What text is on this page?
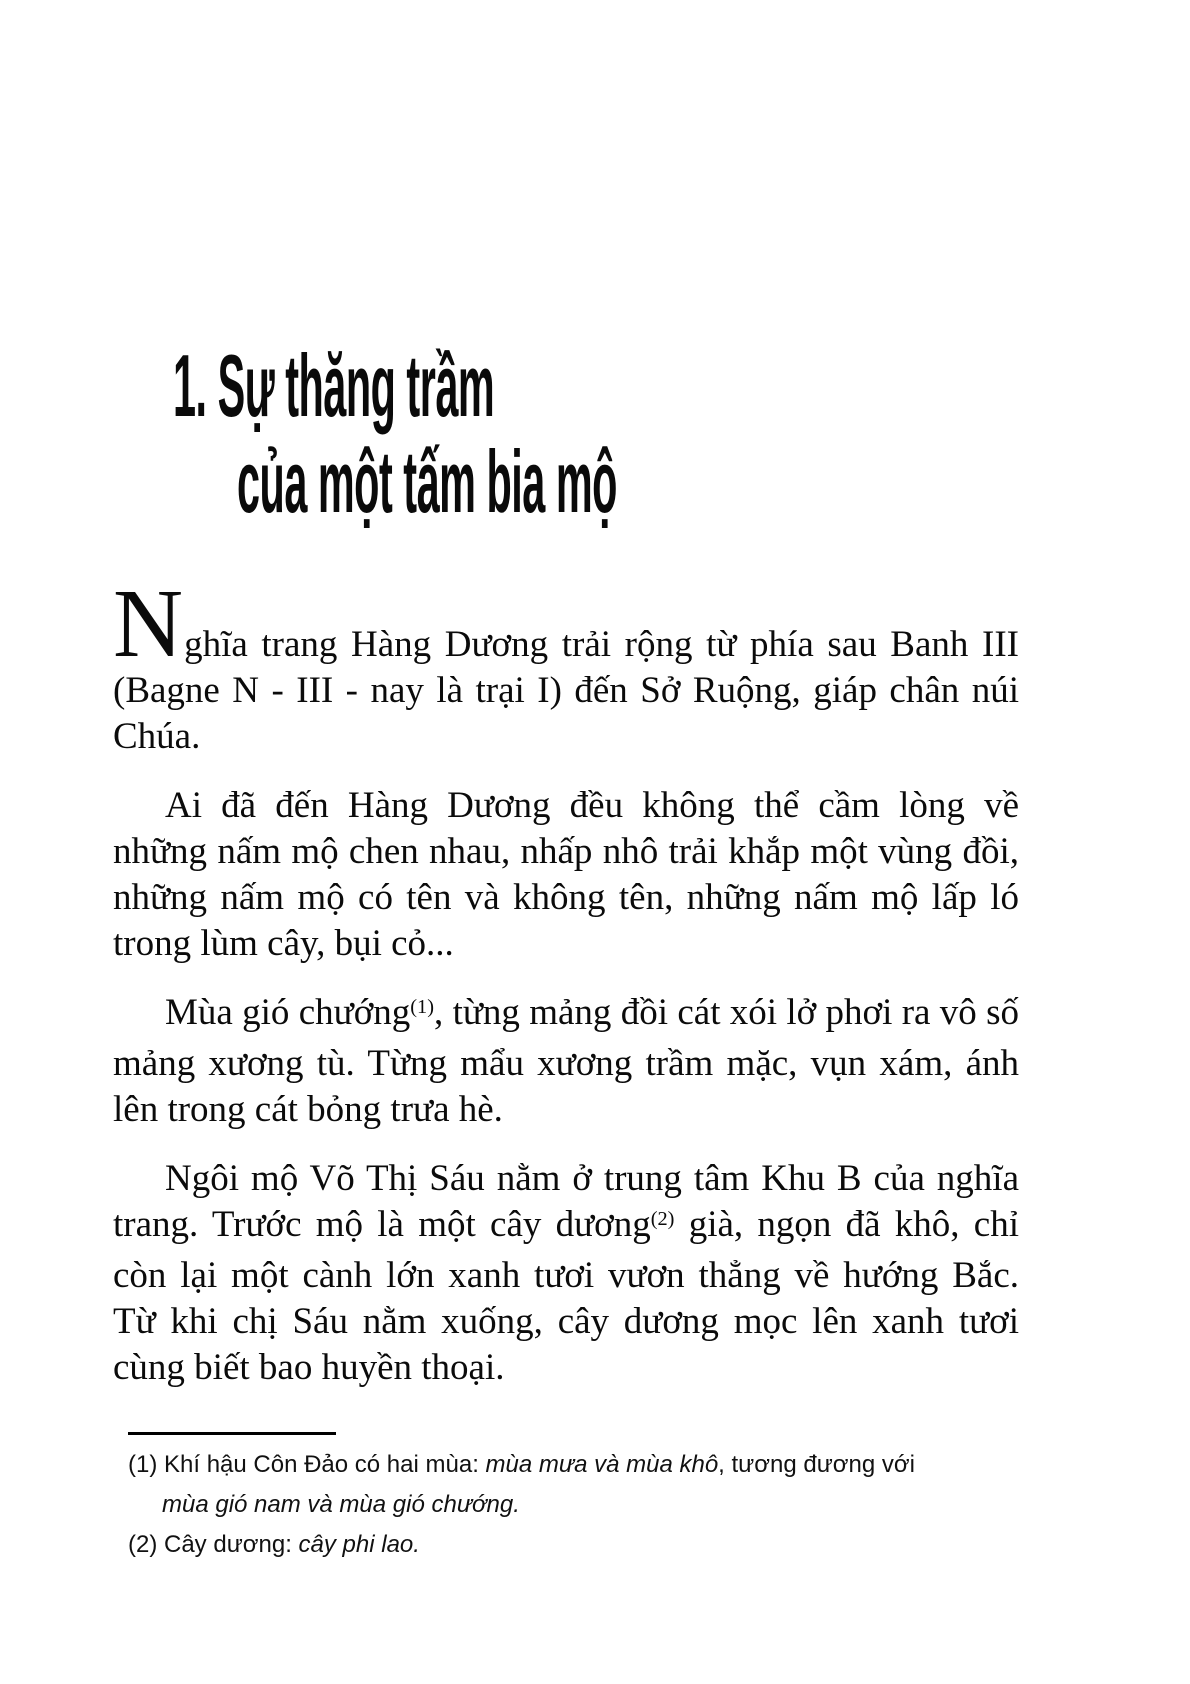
1. Sự thăng trầm
của một tấm bia mộ

Nghĩa trang Hàng Dương trải rộng từ phía sau Banh III (Bagne N - III - nay là trại I) đến Sở Ruộng, giáp chân núi Chúa.

Ai đã đến Hàng Dương đều không thể cầm lòng về những nấm mộ chen nhau, nhấp nhô trải khắp một vùng đồi, những nấm mộ có tên và không tên, những nấm mộ lấp ló trong lùm cây, bụi cỏ...

Mùa gió chướng$^{(1)}$, từng mảng đồi cát xói lở phơi ra vô số mảng xương tù. Từng mẩu xương trầm mặc, vụn xám, ánh lên trong cát bỏng trưa hè.

Ngôi mộ Võ Thị Sáu nằm ở trung tâm Khu B của nghĩa trang. Trước mộ là một cây dương$^{(2)}$ già, ngọn đã khô, chỉ còn lại một cành lớn xanh tươi vươn thẳng về hướng Bắc. Từ khi chị Sáu nằm xuống, cây dương mọc lên xanh tươi cùng biết bao huyền thoại.

(1) Khí hậu Côn Đảo có hai mùa: mùa mưa và mùa khô, tương đương với
mùa gió nam và mùa gió chướng.

(2) Cây dương: cây phi lao.
